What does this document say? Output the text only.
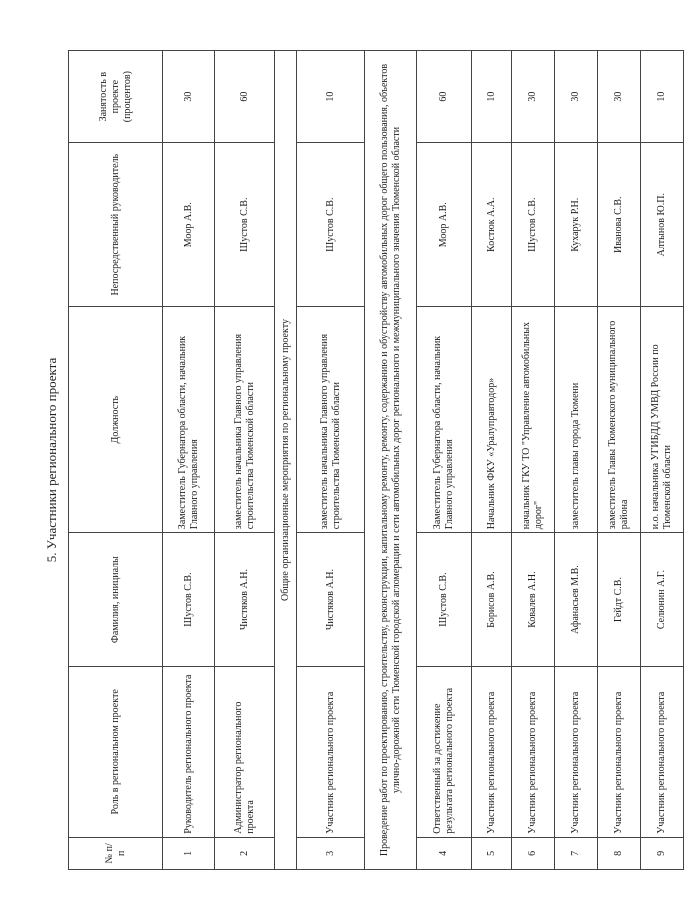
5. Участники регионального проекта
№ п/п	Роль в региональном проекте	Фамилия, инициалы	Должность	Непосредственный руководитель	Занятость в проекте (процентов)
1	Руководитель регионального проекта	Шустов С.В.	Заместитель Губернатора области, начальник Главного управления	Моор А.В.	30
2	Администратор регионального проекта	Чистяков А.Н.	заместитель начальника Главного управления строительства Тюменской области	Шустов С.В.	60
Общие организационные мероприятия по региональному проекту					
3	Участник регионального проекта	Чистяков А.Н.	заместитель начальника Главного управления строительства Тюменской области	Шустов С.В.	10
Проведение работ по проектированию, строительству, реконструкции, капитальному ремонту, ремонту, содержанию и обустройству автомобильных дорог общего пользования, объектов улично-дорожной сети Тюменской городской агломерации и сети автомобильных дорог регионального и межмуниципального значения Тюменской области					
4	Ответственный за достижение результата регионального проекта	Шустов С.В.	Заместитель Губернатора области, начальник Главного управления	Моор А.В.	60
5	Участник регионального проекта	Борисов А.В.	Начальник ФКУ «Уралуправтодор»	Костюк А.А.	10
6	Участник регионального проекта	Ковалев А.Н.	начальник ГКУ ТО "Управление автомобильных дорог"	Шустов С.В.	30
7	Участник регионального проекта	Афанасьев М.В.	заместитель главы города Тюмени	Кухарук Р.Н.	30
8	Участник регионального проекта	Гейдт С.В.	заместитель Главы Тюменского муниципального района	Иванова С.В.	30
9	Участник регионального проекта	Селюнин А.Г.	и.о. начальника УГИБДД УМВД России по Тюменской области	Алтынов Ю.П.	10
